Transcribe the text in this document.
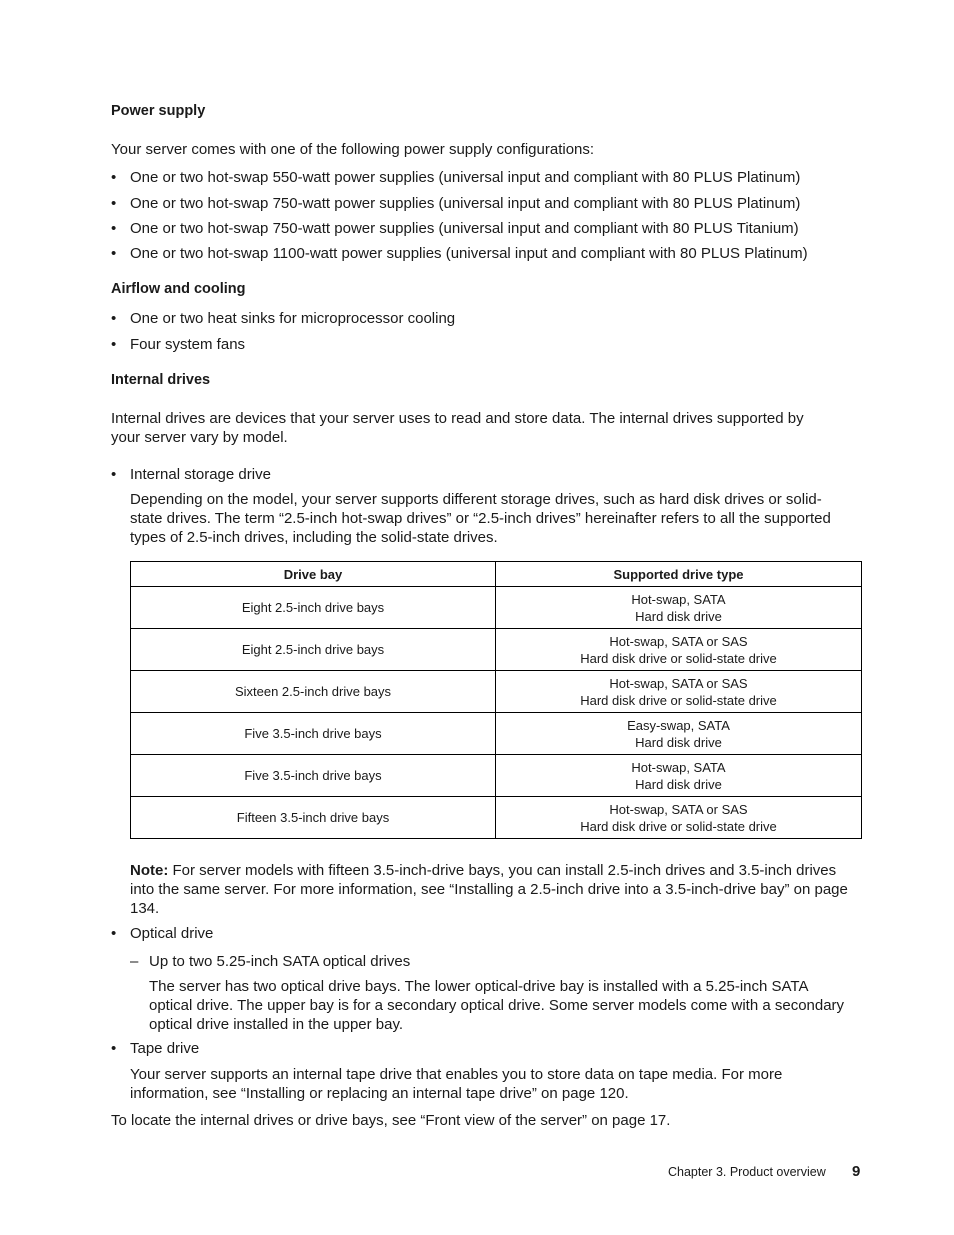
Power supply

Your server comes with one of the following power supply configurations:

• One or two hot-swap 550-watt power supplies (universal input and compliant with 80 PLUS Platinum)
• One or two hot-swap 750-watt power supplies (universal input and compliant with 80 PLUS Platinum)
• One or two hot-swap 750-watt power supplies (universal input and compliant with 80 PLUS Titanium)
• One or two hot-swap 1100-watt power supplies (universal input and compliant with 80 PLUS Platinum)
Airflow and cooling
• One or two heat sinks for microprocessor cooling
• Four system fans
Internal drives

Internal drives are devices that your server uses to read and store data. The internal drives supported by your server vary by model.

• Internal storage drive

Depending on the model, your server supports different storage drives, such as hard disk drives or solid-state drives. The term “2.5-inch hot-swap drives” or “2.5-inch drives” hereinafter refers to all the supported types of 2.5-inch drives, including the solid-state drives.

Drive bay	Supported drive type
Eight 2.5-inch drive bays	Hot-swap, SATA
Hard disk drive
Eight 2.5-inch drive bays	Hot-swap, SATA or SAS
Hard disk drive or solid-state drive
Sixteen 2.5-inch drive bays	Hot-swap, SATA or SAS
Hard disk drive or solid-state drive
Five 3.5-inch drive bays	Easy-swap, SATA
Hard disk drive
Five 3.5-inch drive bays	Hot-swap, SATA
Hard disk drive
Fifteen 3.5-inch drive bays	Hot-swap, SATA or SAS
Hard disk drive or solid-state drive

Note: For server models with fifteen 3.5-inch-drive bays, you can install 2.5-inch drives and 3.5-inch drives into the same server. For more information, see “Installing a 2.5-inch drive into a 3.5-inch-drive bay” on page 134.

• Optical drive
– Up to two 5.25-inch SATA optical drives

The server has two optical drive bays. The lower optical-drive bay is installed with a 5.25-inch SATA optical drive. The upper bay is for a secondary optical drive. Some server models come with a secondary optical drive installed in the upper bay.

• Tape drive

Your server supports an internal tape drive that enables you to store data on tape media. For more information, see “Installing or replacing an internal tape drive” on page 120.

To locate the internal drives or drive bays, see “Front view of the server” on page 17.

Chapter 3. Product overview 9
